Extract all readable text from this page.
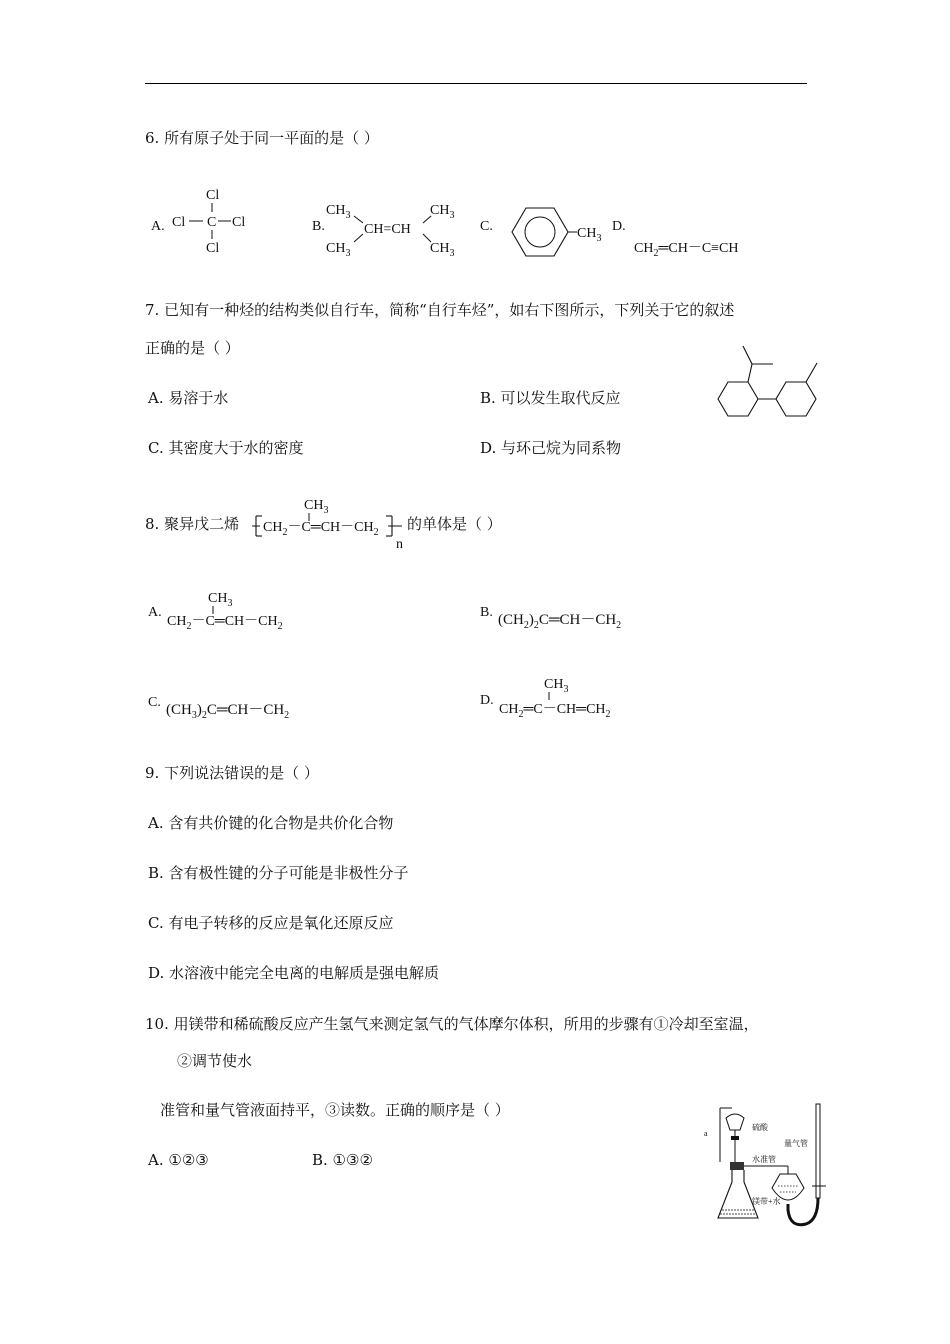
6. 所有原子处于同一平面的是（ ）
A.
Cl
Cl C Cl
Cl
B.
$CH_3$
$CH_3$
CH=CH
$CH_3$
$CH_3$
C.	$CH_3$
D.
$CH_2═CH-C\equiv CH$
7. 已知有一种烃的结构类似自行车，简称“自行车烃”，如右下图所示，下列关于它的叙述
正确的是（ ）
A. 易溶于水	B. 可以发生取代反应
C. 其密度大于水的密度	D. 与环己烷为同系物
8. 聚异戊二烯	的单体是（ ）
$CH_3$
$CH_2-C═CH-CH_2$
n
A.
$CH_3$
$CH_2-C═CH-CH_2$
B. $(CH_2)_2C═CH-CH_2$
C. $(CH_3)_2C═CH-CH_2$
D.
$CH_3$
$CH_2═C-CH═CH_2$
9. 下列说法错误的是（ ）
A. 含有共价键的化合物是共价化合物
B. 含有极性键的分子可能是非极性分子
C. 有电子转移的反应是氧化还原反应
D. 水溶液中能完全电离的电解质是强电解质
10. 用镁带和稀硫酸反应产生氢气来测定氢气的气体摩尔体积，所用的步骤有①冷却至室温，
②调节使水
准管和量气管液面持平，③读数。正确的顺序是（ ）
A. ①②③	B. ①③②
a
硫酸
镁带+水
水准管
量气管
